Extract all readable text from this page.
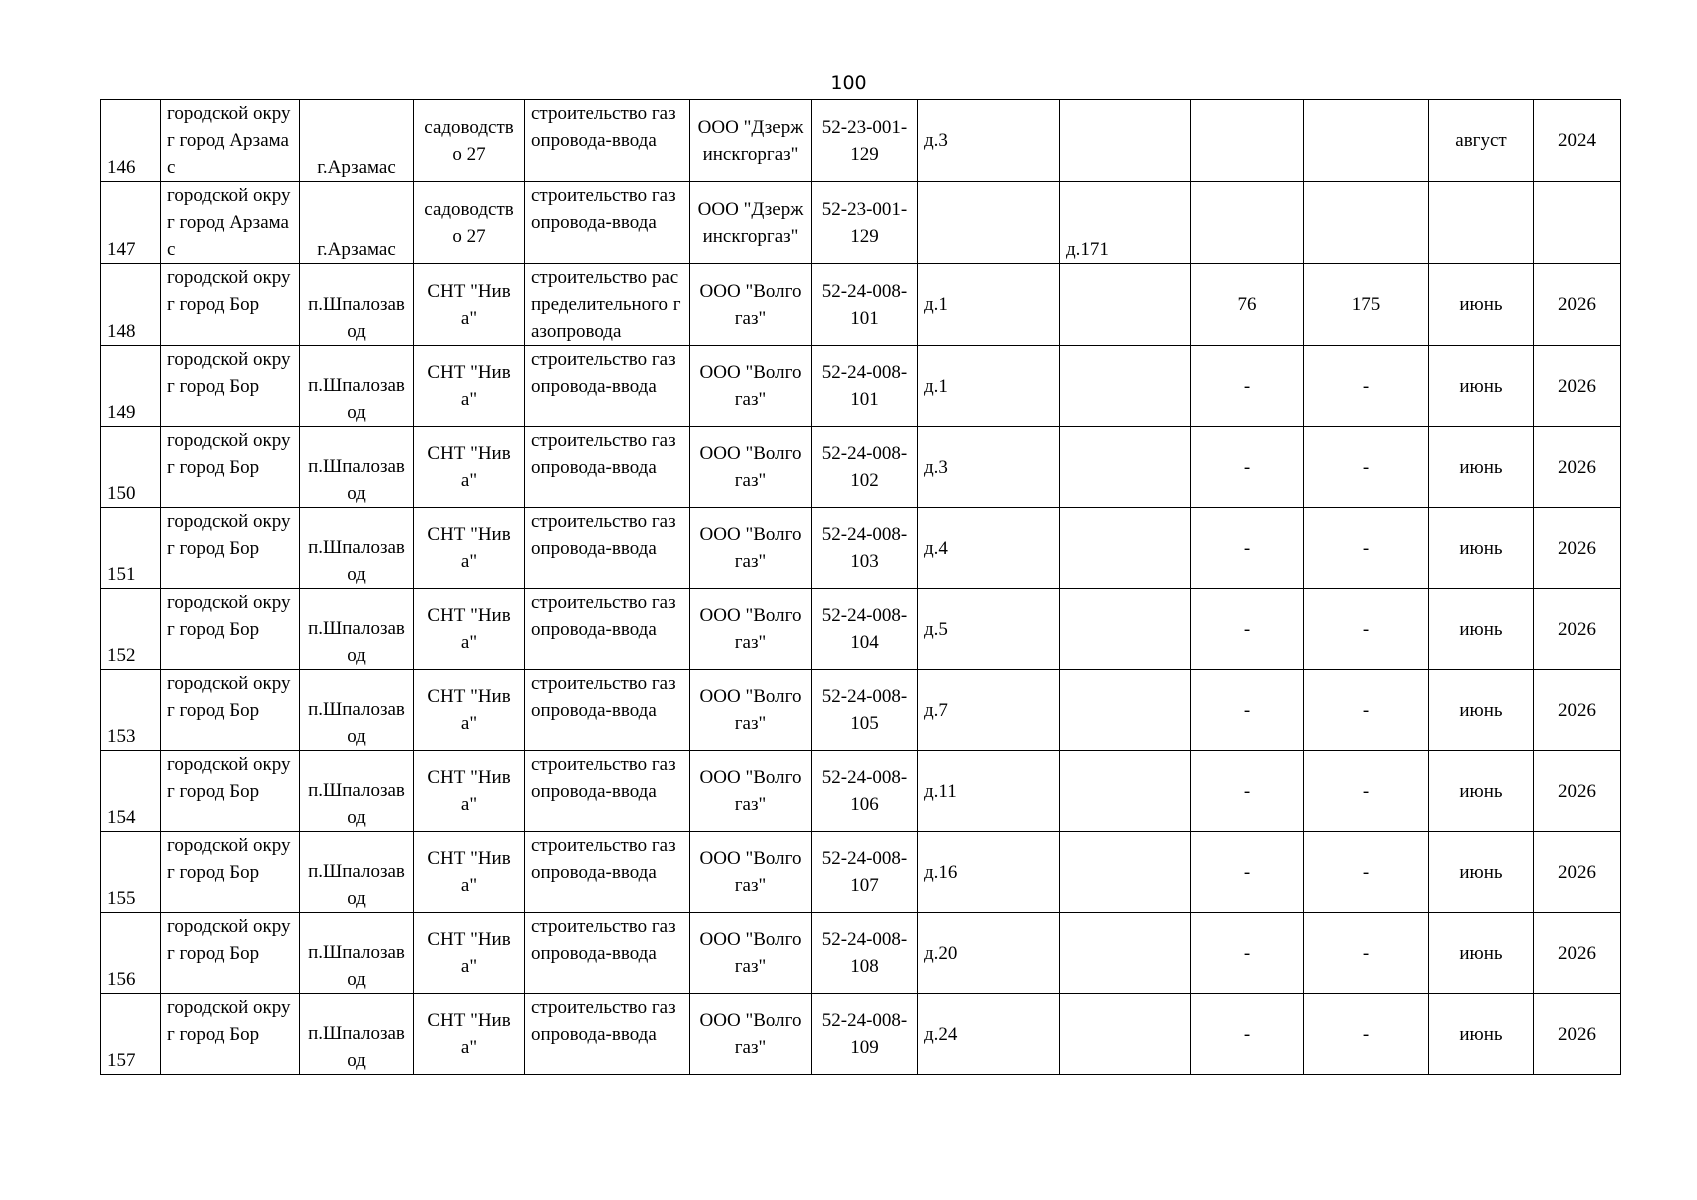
100
146	городской округ город Арзамас	г.Арзамас	садоводство 27	строительство газопровода-ввода	ООО "Дзержинскгоргаз"	52-23-001-129	д.3				август	2024
147	городской округ город Арзамас	г.Арзамас	садоводство 27	строительство газопровода-ввода	ООО "Дзержинскгоргаз"	52-23-001-129		д.171				
148	городской округ город Бор	п.Шпалозавод	СНТ "Нива"	строительство распределительного газопровода	ООО "Волгогаз"	52-24-008-101	д.1		76	175	июнь	2026
149	городской округ город Бор	п.Шпалозавод	СНТ "Нива"	строительство газопровода-ввода	ООО "Волгогаз"	52-24-008-101	д.1		-	-	июнь	2026
150	городской округ город Бор	п.Шпалозавод	СНТ "Нива"	строительство газопровода-ввода	ООО "Волгогаз"	52-24-008-102	д.3		-	-	июнь	2026
151	городской округ город Бор	п.Шпалозавод	СНТ "Нива"	строительство газопровода-ввода	ООО "Волгогаз"	52-24-008-103	д.4		-	-	июнь	2026
152	городской округ город Бор	п.Шпалозавод	СНТ "Нива"	строительство газопровода-ввода	ООО "Волгогаз"	52-24-008-104	д.5		-	-	июнь	2026
153	городской округ город Бор	п.Шпалозавод	СНТ "Нива"	строительство газопровода-ввода	ООО "Волгогаз"	52-24-008-105	д.7		-	-	июнь	2026
154	городской округ город Бор	п.Шпалозавод	СНТ "Нива"	строительство газопровода-ввода	ООО "Волгогаз"	52-24-008-106	д.11		-	-	июнь	2026
155	городской округ город Бор	п.Шпалозавод	СНТ "Нива"	строительство газопровода-ввода	ООО "Волгогаз"	52-24-008-107	д.16		-	-	июнь	2026
156	городской округ город Бор	п.Шпалозавод	СНТ "Нива"	строительство газопровода-ввода	ООО "Волгогаз"	52-24-008-108	д.20		-	-	июнь	2026
157	городской округ город Бор	п.Шпалозавод	СНТ "Нива"	строительство газопровода-ввода	ООО "Волгогаз"	52-24-008-109	д.24		-	-	июнь	2026
